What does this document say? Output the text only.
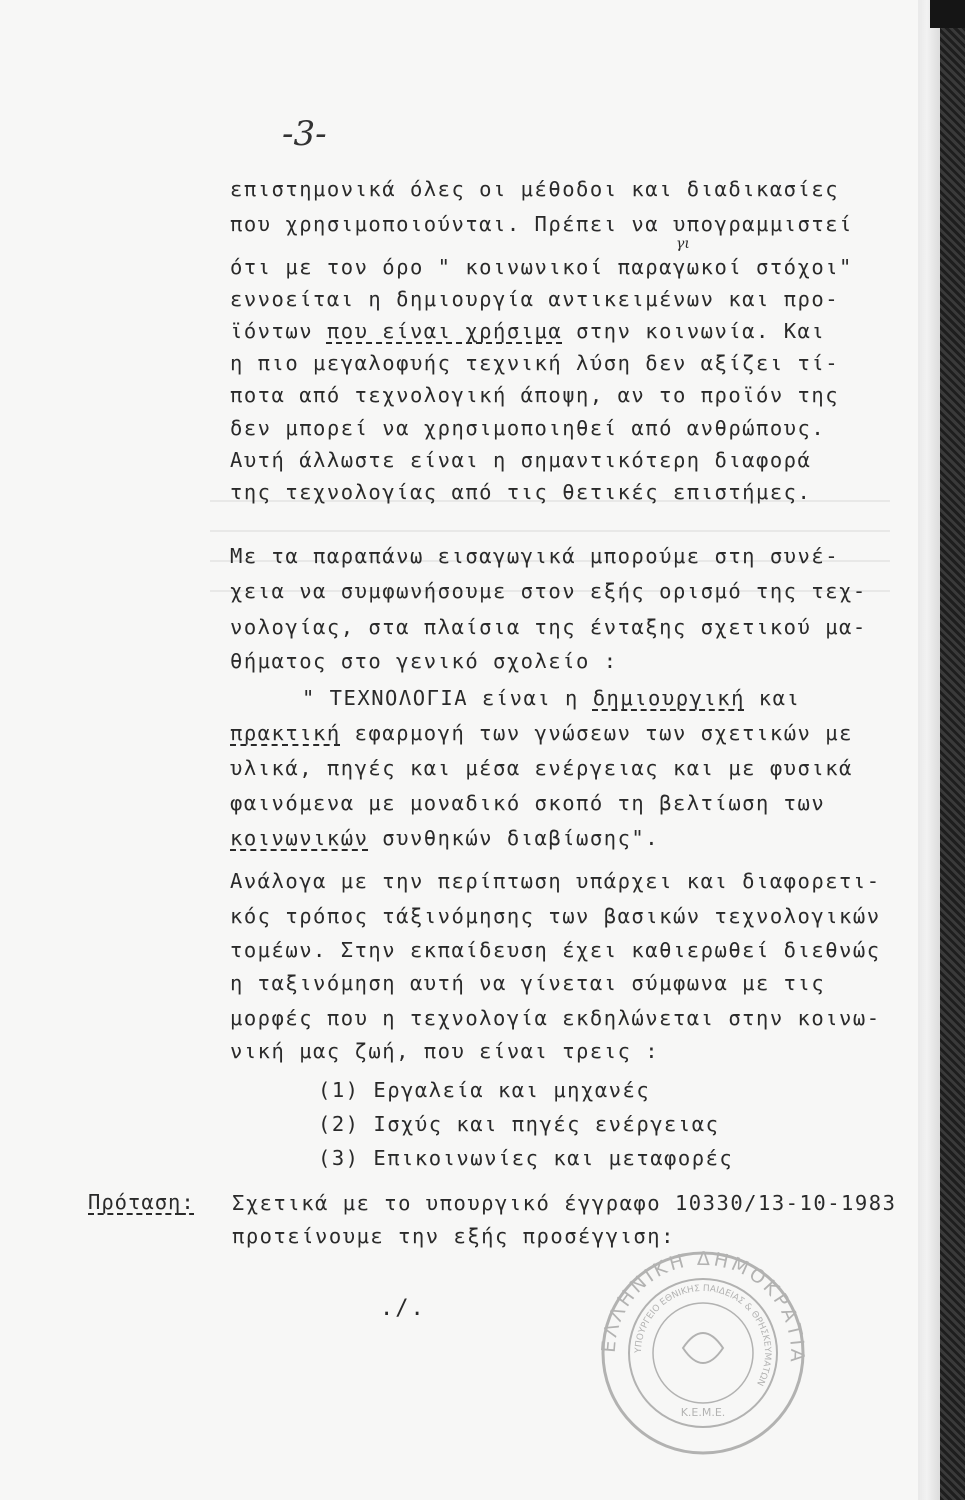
-3-
επιστημονικά όλες οι μέθοδοι και διαδικασίες
που χρησιμοποιούνται. Πρέπει να υπογραμμιστεί
γι
ότι με τον όρο " κοινωνικοί παραγωκοί στόχοι"
εννοείται η δημιουργία αντικειμένων και προ-
ϊόντων που είναι χρήσιμα στην κοινωνία. Και
η πιο μεγαλοφυής τεχνική λύση δεν αξίζει τί-
ποτα από τεχνολογική άποψη, αν το προϊόν της
δεν μπορεί να χρησιμοποιηθεί από ανθρώπους.
Αυτή άλλωστε είναι η σημαντικότερη διαφορά
της τεχνολογίας από τις θετικές επιστήμες.
Με τα παραπάνω εισαγωγικά μπορούμε στη συνέ-
χεια να συμφωνήσουμε στον εξής ορισμό της τεχ-
νολογίας, στα πλαίσια της ένταξης σχετικού μα-
θήματος στο γενικό σχολείο :
" ΤΕΧΝΟΛΟΓΙΑ είναι η δημιουργική και
πρακτική εφαρμογή των γνώσεων των σχετικών με
υλικά, πηγές και μέσα ενέργειας και με φυσικά
φαινόμενα με μοναδικό σκοπό τη βελτίωση των
κοινωνικών συνθηκών διαβίωσης".
Ανάλογα με την περίπτωση υπάρχει και διαφορετι-
κός τρόπος τάξινόμησης των βασικών τεχνολογικών
τομέων. Στην εκπαίδευση έχει καθιερωθεί διεθνώς
η ταξινόμηση αυτή να γίνεται σύμφωνα με τις
μορφές που η τεχνολογία εκδηλώνεται στην κοινω-
νική μας ζωή, που είναι τρεις :
(1) Εργαλεία και μηχανές
(2) Ισχύς και πηγές ενέργειας
(3) Επικοινωνίες και μεταφορές
Πρόταση: Σχετικά με το υπουργικό έγγραφο 10330/13-10-1983
προτείνουμε την εξής προσέγγιση:
./.
ΕΛΛΗΝΙΚΗ ΔΗΜΟΚΡΑΤΙΑ
ΥΠΟΥΡΓΕΙΟ ΕΘΝΙΚΗΣ ΠΑΙΔΕΙΑΣ & ΘΡΗΣΚΕΥΜΑΤΩΝ
Κ.Ε.Μ.Ε.
